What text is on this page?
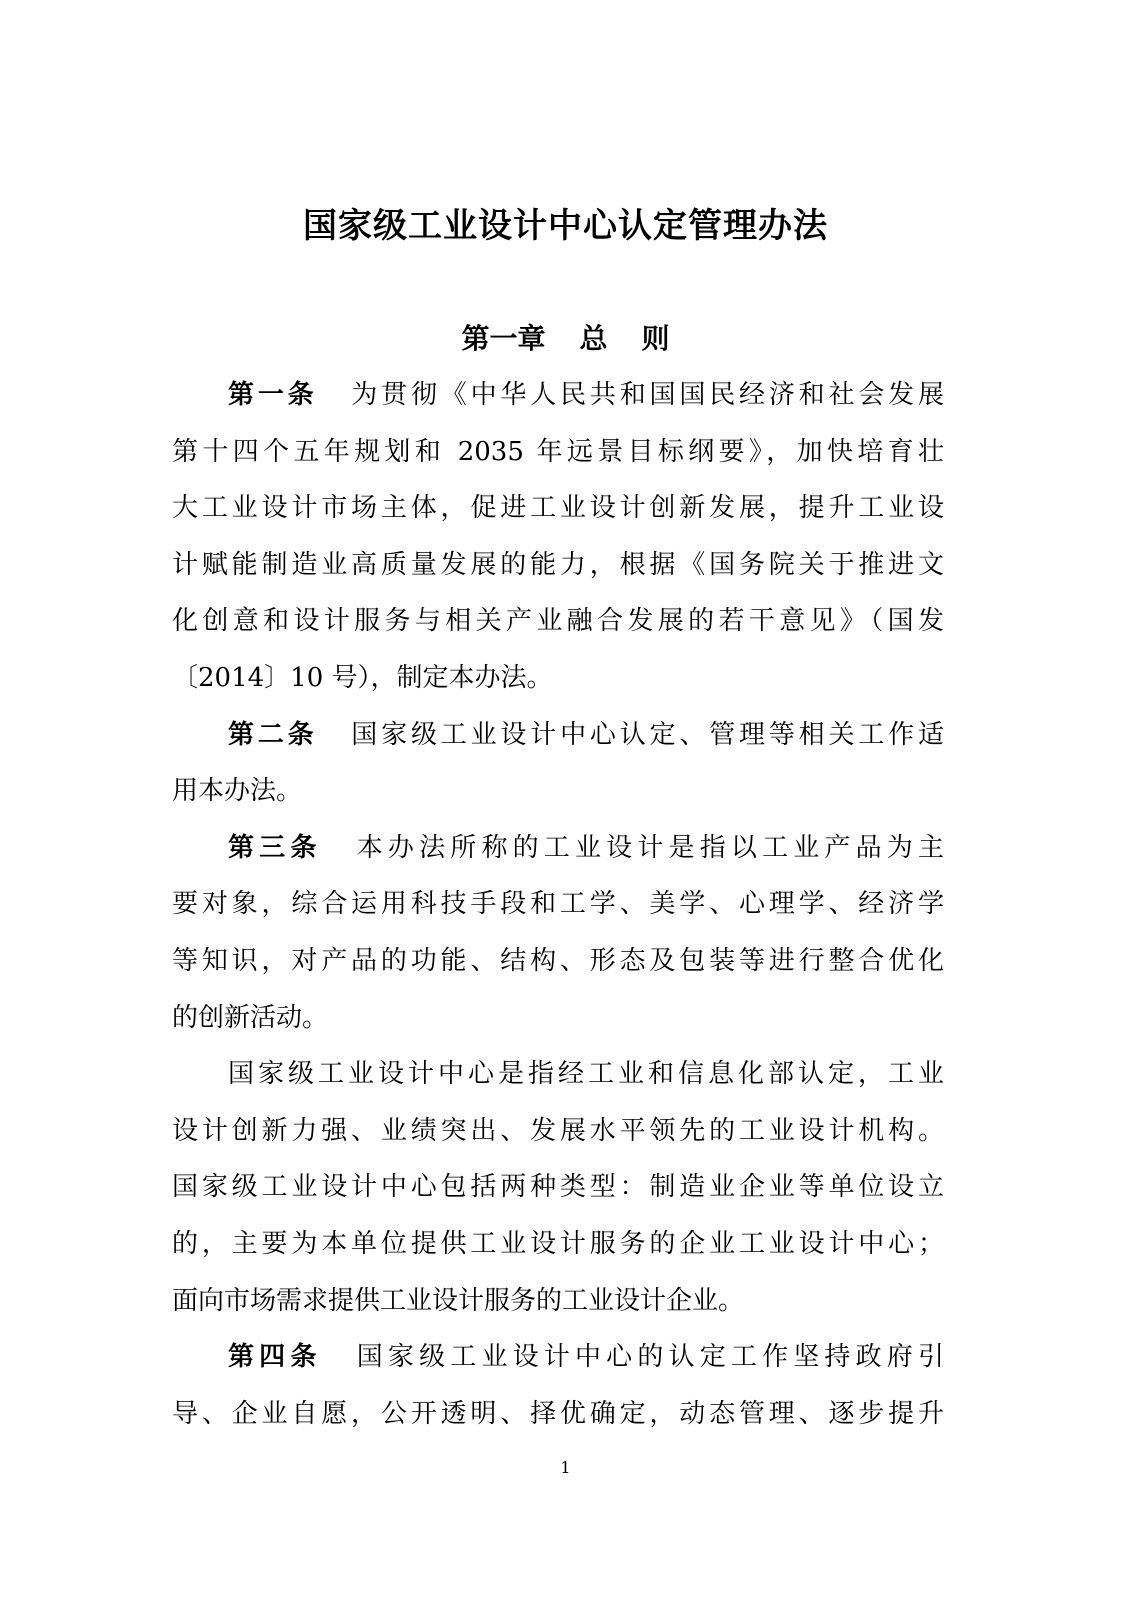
国家级工业设计中心认定管理办法
第一章 总 则
第一条 为贯彻《中华人民共和国国民经济和社会发展
第十四个五年规划和 2035 年远景目标纲要》，加快培育壮
大工业设计市场主体，促进工业设计创新发展，提升工业设
计赋能制造业高质量发展的能力，根据《国务院关于推进文
化创意和设计服务与相关产业融合发展的若干意见》（国发
〔2014〕10 号），制定本办法。
第二条 国家级工业设计中心认定、管理等相关工作适
用本办法。
第三条 本办法所称的工业设计是指以工业产品为主
要对象，综合运用科技手段和工学、美学、心理学、经济学
等知识，对产品的功能、结构、形态及包装等进行整合优化
的创新活动。
国家级工业设计中心是指经工业和信息化部认定，工业
设计创新力强、业绩突出、发展水平领先的工业设计机构。
国家级工业设计中心包括两种类型：制造业企业等单位设立
的，主要为本单位提供工业设计服务的企业工业设计中心；
面向市场需求提供工业设计服务的工业设计企业。
第四条 国家级工业设计中心的认定工作坚持政府引
导、企业自愿，公开透明、择优确定，动态管理、逐步提升
1
